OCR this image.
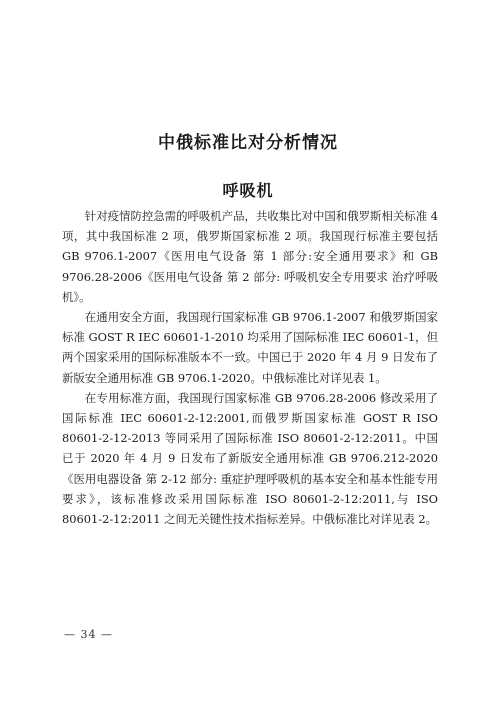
中俄标准比对分析情况
呼吸机

针对疫情防控急需的呼吸机产品，共收集比对中国和俄罗斯相关标准 4 项，其中我国标准 2 项，俄罗斯国家标准 2 项。我国现行标准主要包括 GB 9706.1-2007《医用电气设备 第 1 部分:安全通用要求》和 GB 9706.28-2006《医用电气设备 第 2 部分: 呼吸机安全专用要求 治疗呼吸机》。

在通用安全方面，我国现行国家标准 GB 9706.1-2007 和俄罗斯国家标准 GOST R IEC 60601-1-2010 均采用了国际标准 IEC 60601-1，但两个国家采用的国际标准版本不一致。中国已于 2020 年 4 月 9 日发布了新版安全通用标准 GB 9706.1-2020。中俄标准比对详见表 1。

在专用标准方面，我国现行国家标准 GB 9706.28-2006 修改采用了国际标准 IEC 60601-2-12:2001,而俄罗斯国家标准 GOST R ISO 80601-2-12-2013 等同采用了国际标准 ISO 80601-2-12:2011。中国已于 2020 年 4 月 9 日发布了新版安全通用标准 GB 9706.212-2020《医用电器设备 第 2-12 部分: 重症护理呼吸机的基本安全和基本性能专用要求》，该标准修改采用国际标准 ISO 80601-2-12:2011,与 ISO 80601-2-12:2011 之间无关键性技术指标差异。中俄标准比对详见表 2。

— 34 —
